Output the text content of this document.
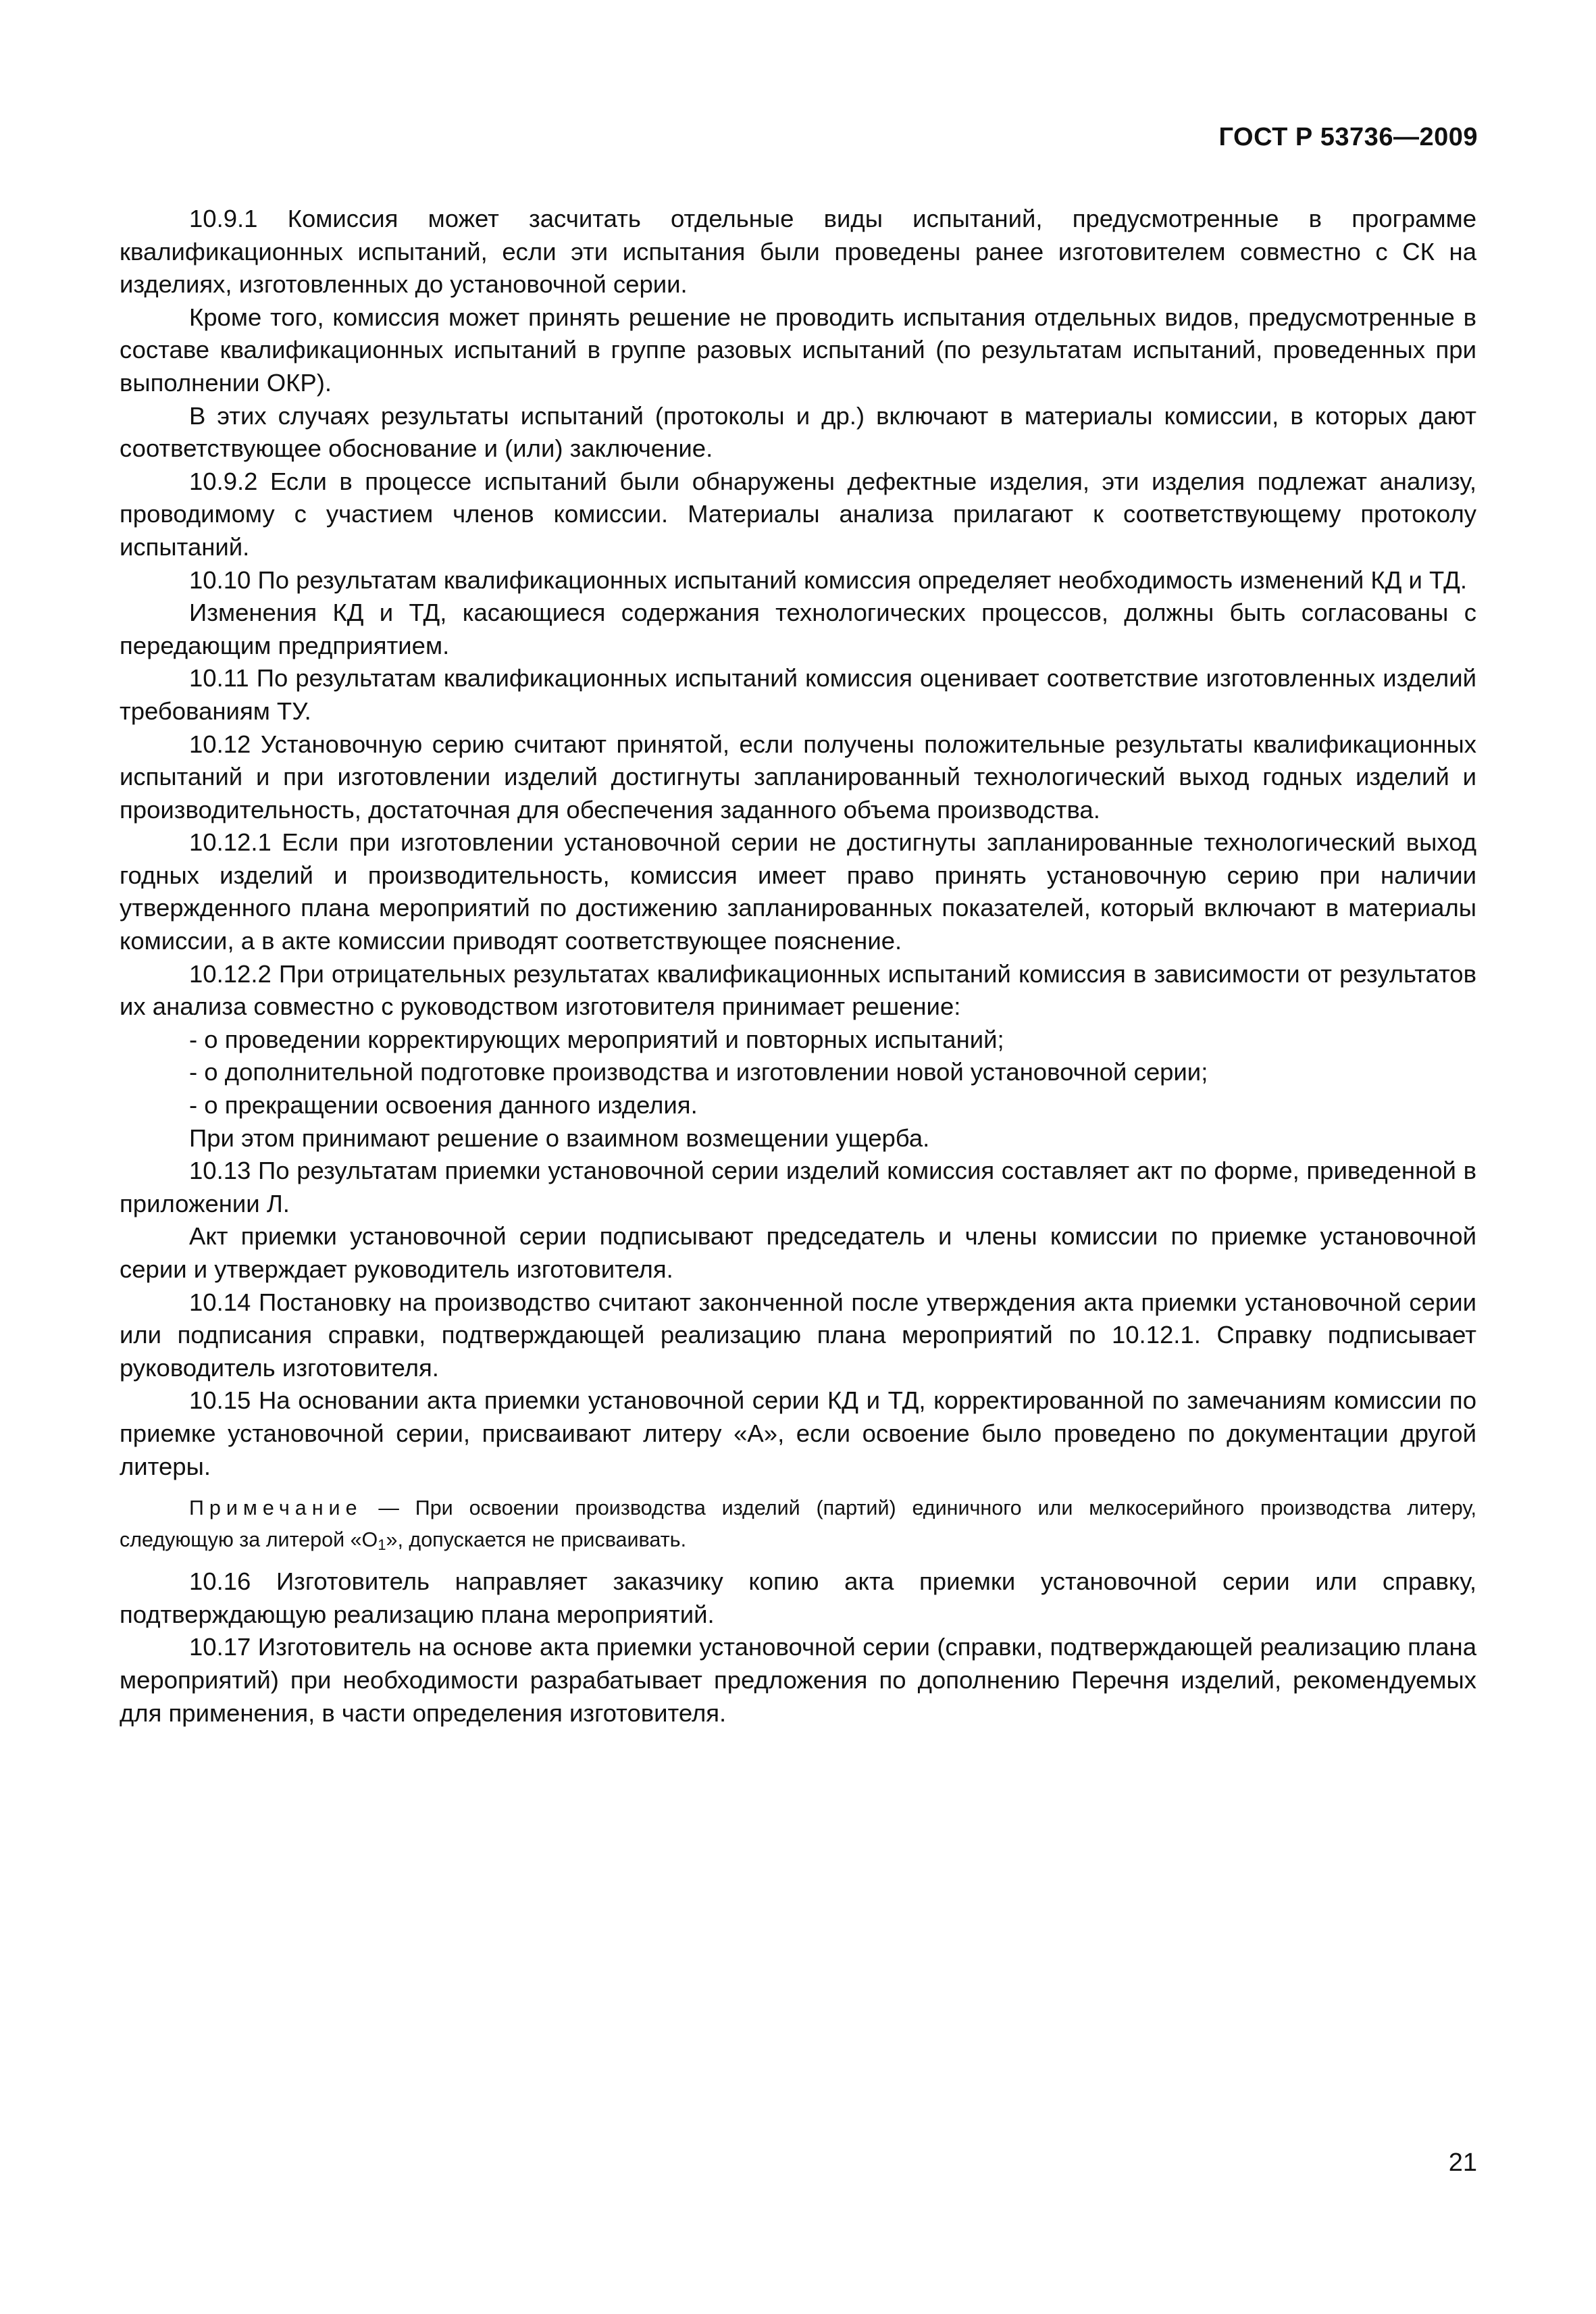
ГОСТ Р 53736—2009

10.9.1 Комиссия может засчитать отдельные виды испытаний, предусмотренные в программе квалификационных испытаний, если эти испытания были проведены ранее изготовителем совместно с СК на изделиях, изготовленных до установочной серии.

Кроме того, комиссия может принять решение не проводить испытания отдельных видов, предусмотренные в составе квалификационных испытаний в группе разовых испытаний (по результатам испытаний, проведенных при выполнении ОКР).

В этих случаях результаты испытаний (протоколы и др.) включают в материалы комиссии, в которых дают соответствующее обоснование и (или) заключение.

10.9.2 Если в процессе испытаний были обнаружены дефектные изделия, эти изделия подлежат анализу, проводимому с участием членов комиссии. Материалы анализа прилагают к соответствующему протоколу испытаний.

10.10 По результатам квалификационных испытаний комиссия определяет необходимость изменений КД и ТД.

Изменения КД и ТД, касающиеся содержания технологических процессов, должны быть согласованы с передающим предприятием.

10.11 По результатам квалификационных испытаний комиссия оценивает соответствие изготовленных изделий требованиям ТУ.

10.12 Установочную серию считают принятой, если получены положительные результаты квалификационных испытаний и при изготовлении изделий достигнуты запланированный технологический выход годных изделий и производительность, достаточная для обеспечения заданного объема производства.

10.12.1 Если при изготовлении установочной серии не достигнуты запланированные технологический выход годных изделий и производительность, комиссия имеет право принять установочную серию при наличии утвержденного плана мероприятий по достижению запланированных показателей, который включают в материалы комиссии, а в акте комиссии приводят соответствующее пояснение.

10.12.2 При отрицательных результатах квалификационных испытаний комиссия в зависимости от результатов их анализа совместно с руководством изготовителя принимает решение:

- о проведении корректирующих мероприятий и повторных испытаний;

- о дополнительной подготовке производства и изготовлении новой установочной серии;

- о прекращении освоения данного изделия.

При этом принимают решение о взаимном возмещении ущерба.

10.13 По результатам приемки установочной серии изделий комиссия составляет акт по форме, приведенной в приложении Л.

Акт приемки установочной серии подписывают председатель и члены комиссии по приемке установочной серии и утверждает руководитель изготовителя.

10.14 Постановку на производство считают законченной после утверждения акта приемки установочной серии или подписания справки, подтверждающей реализацию плана мероприятий по 10.12.1. Справку подписывает руководитель изготовителя.

10.15 На основании акта приемки установочной серии КД и ТД, корректированной по замечаниям комиссии по приемке установочной серии, присваивают литеру «А», если освоение было проведено по документации другой литеры.

Примечание — При освоении производства изделий (партий) единичного или мелкосерийного производства литеру, следующую за литерой «$О_1$», допускается не присваивать.

10.16 Изготовитель направляет заказчику копию акта приемки установочной серии или справку, подтверждающую реализацию плана мероприятий.

10.17 Изготовитель на основе акта приемки установочной серии (справки, подтверждающей реализацию плана мероприятий) при необходимости разрабатывает предложения по дополнению Перечня изделий, рекомендуемых для применения, в части определения изготовителя.

21
